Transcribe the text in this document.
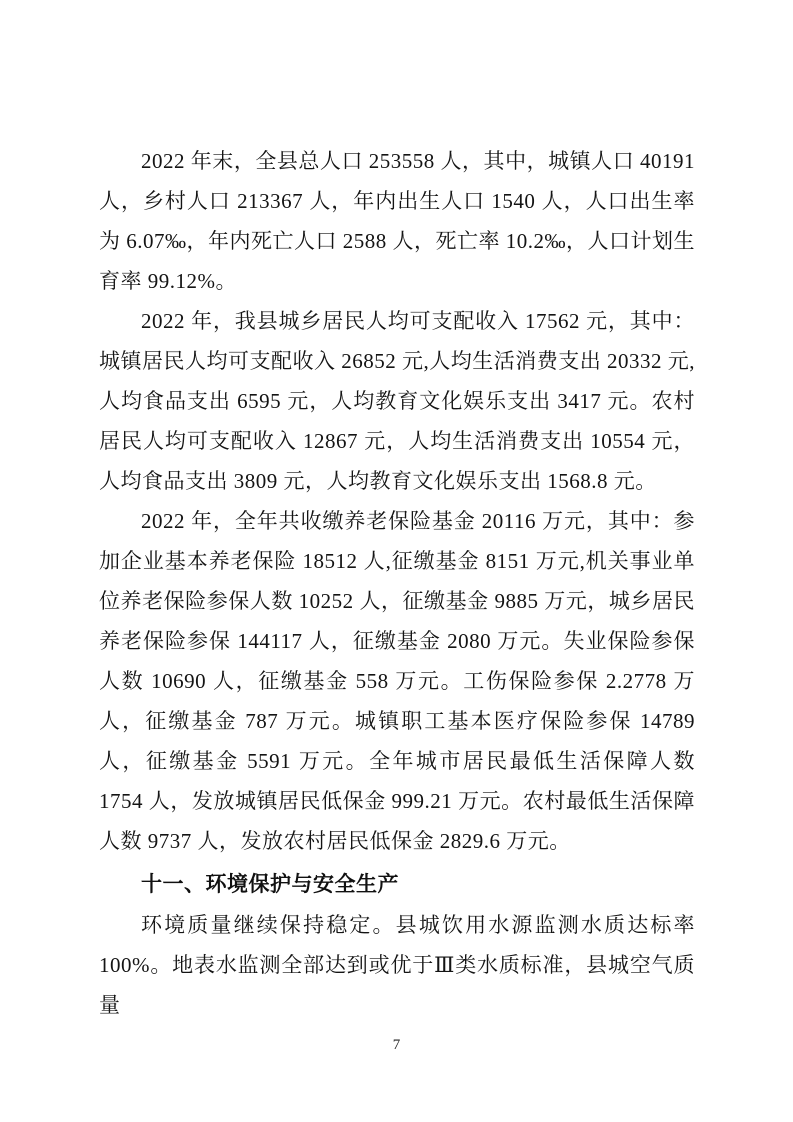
2022 年末，全县总人口 253558 人，其中，城镇人口 40191 人，乡村人口 213367 人，年内出生人口 1540 人，人口出生率为 6.07‰，年内死亡人口 2588 人，死亡率 10.2‰，人口计划生育率 99.12%。

2022 年，我县城乡居民人均可支配收入 17562 元，其中：城镇居民人均可支配收入 26852 元,人均生活消费支出 20332 元,人均食品支出 6595 元，人均教育文化娱乐支出 3417 元。农村居民人均可支配收入 12867 元，人均生活消费支出 10554 元，人均食品支出 3809 元，人均教育文化娱乐支出 1568.8 元。

2022 年，全年共收缴养老保险基金 20116 万元，其中：参加企业基本养老保险 18512 人,征缴基金 8151 万元,机关事业单位养老保险参保人数 10252 人，征缴基金 9885 万元，城乡居民养老保险参保 144117 人，征缴基金 2080 万元。失业保险参保人数 10690 人，征缴基金 558 万元。工伤保险参保 2.2778 万人，征缴基金 787 万元。城镇职工基本医疗保险参保 14789 人，征缴基金 5591 万元。全年城市居民最低生活保障人数 1754 人，发放城镇居民低保金 999.21 万元。农村最低生活保障人数 9737 人，发放农村居民低保金 2829.6 万元。

十一、环境保护与安全生产

环境质量继续保持稳定。县城饮用水源监测水质达标率 100%。地表水监测全部达到或优于Ⅲ类水质标准，县城空气质量

7
